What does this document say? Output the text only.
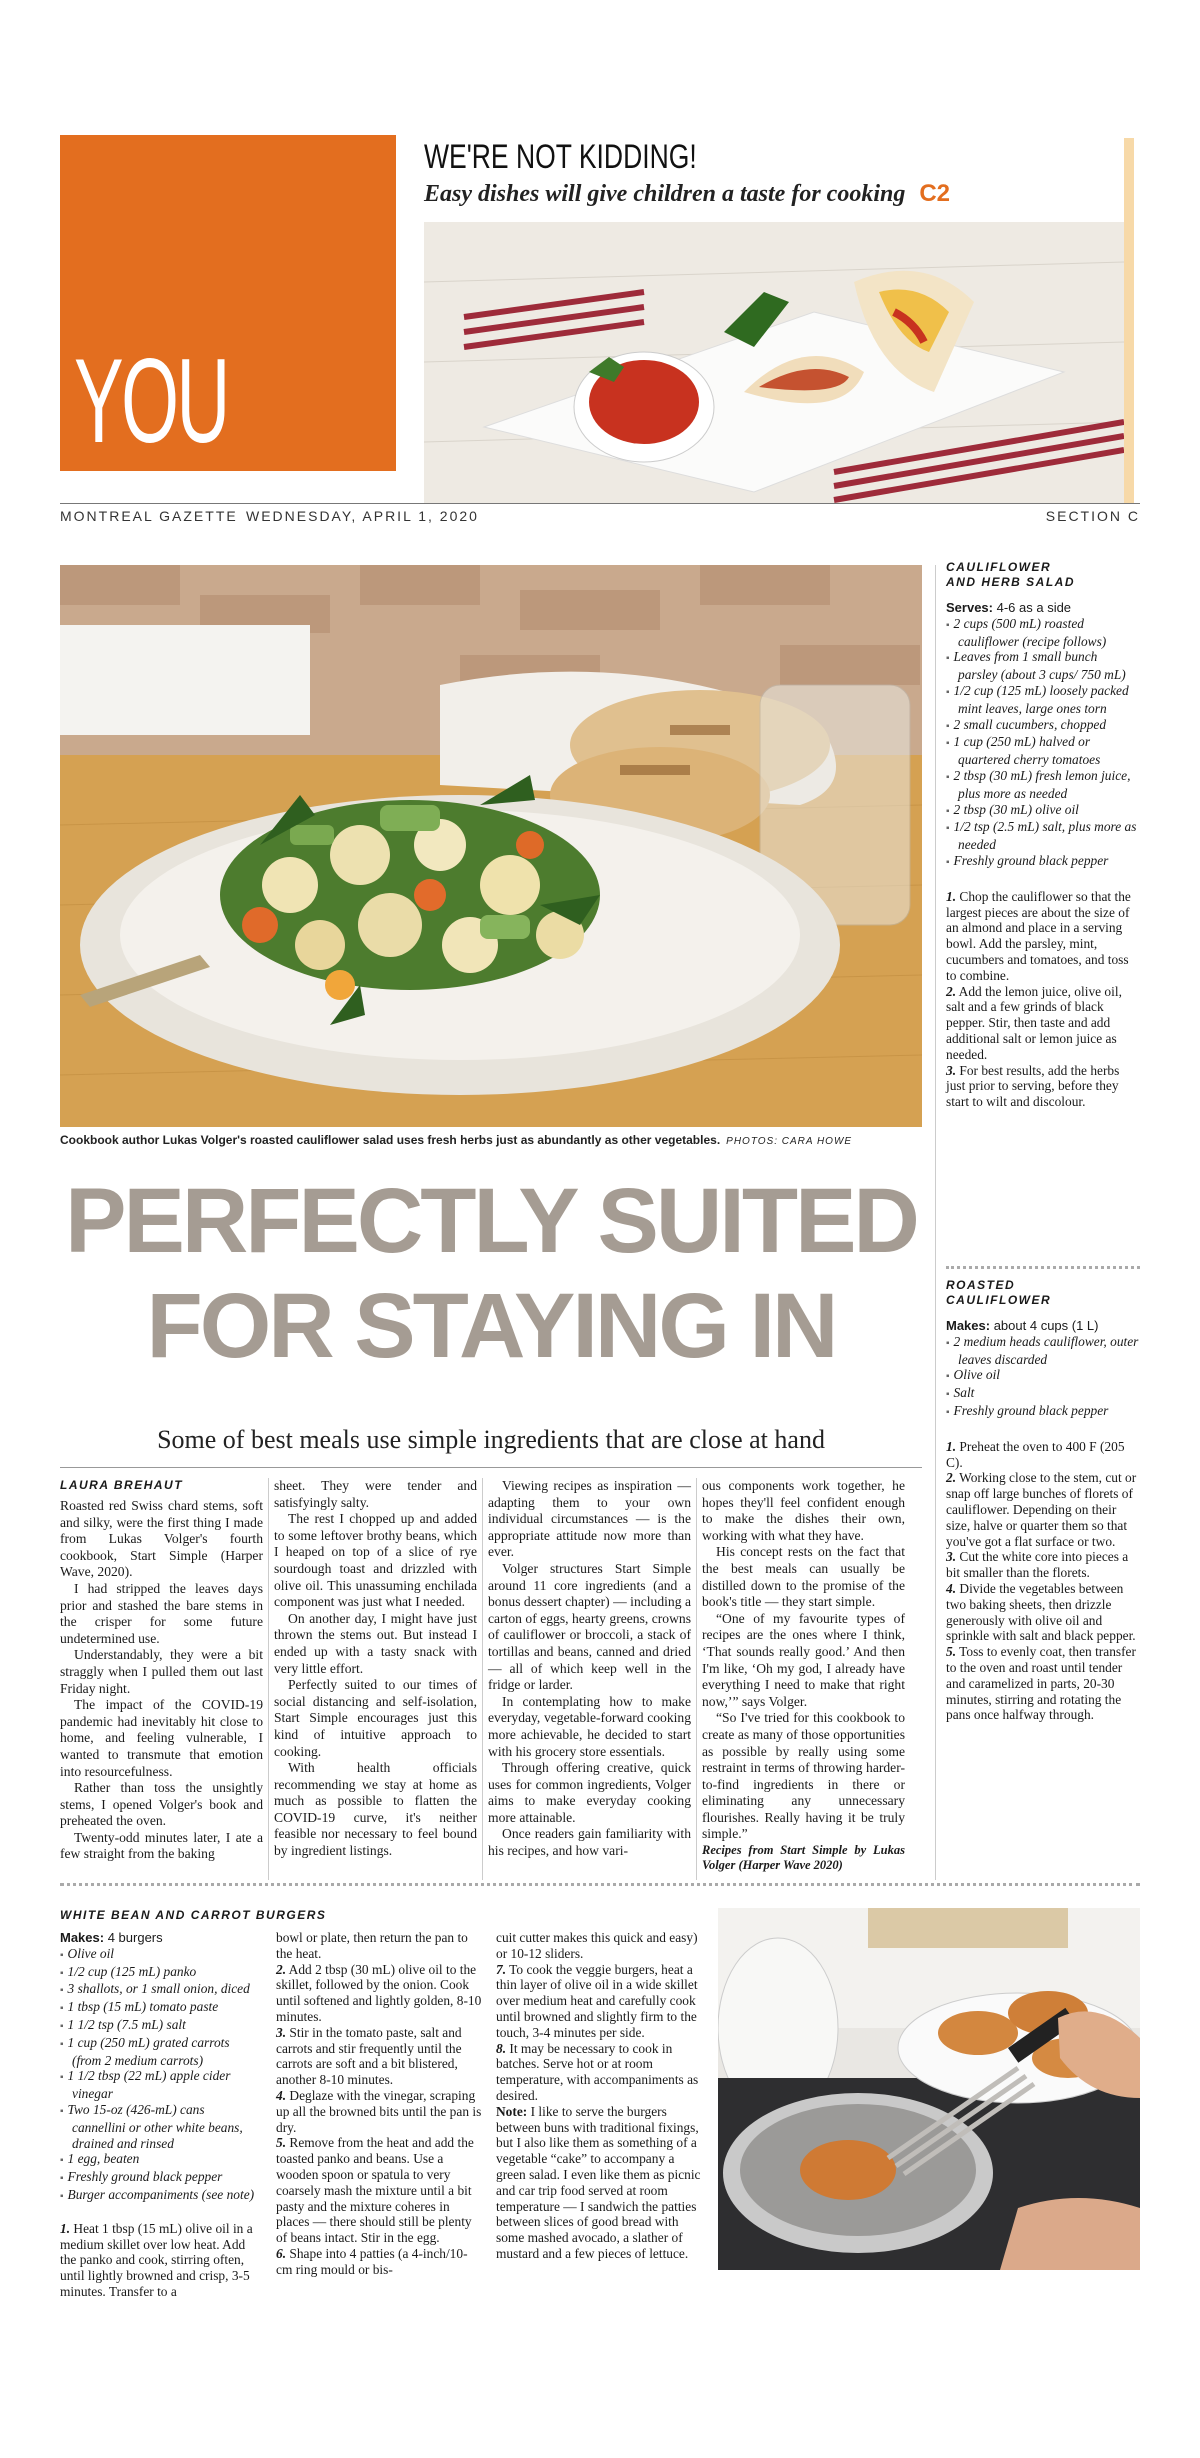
YOU
WE'RE NOT KIDDING!
Easy dishes will give children a taste for cooking C2
MONTREAL GAZETTE WEDNESDAY, APRIL 1, 2020	SECTION C
Cookbook author Lukas Volger's roasted cauliflower salad uses fresh herbs just as abundantly as other vegetables. PHOTOS: CARA HOWE
PERFECTLY SUITED
FOR STAYING IN
Some of best meals use simple ingredients that are close at hand
LAURA BREHAUT

Roasted red Swiss chard stems, soft and silky, were the first thing I made from Lukas Volger's fourth cookbook, Start Simple (Harper Wave, 2020).

I had stripped the leaves days prior and stashed the bare stems in the crisper for some future undetermined use.

Understandably, they were a bit straggly when I pulled them out last Friday night.

The impact of the COVID-19 pandemic had inevitably hit close to home, and feeling vulnerable, I wanted to transmute that emotion into resourcefulness.

Rather than toss the unsightly stems, I opened Volger's book and preheated the oven.

Twenty-odd minutes later, I ate a few straight from the baking

sheet. They were tender and satisfyingly salty.

The rest I chopped up and added to some leftover brothy beans, which I heaped on top of a slice of rye sourdough toast and drizzled with olive oil. This unassuming enchilada component was just what I needed.

On another day, I might have just thrown the stems out. But instead I ended up with a tasty snack with very little effort.

Perfectly suited to our times of social distancing and self-isolation, Start Simple encourages just this kind of intuitive approach to cooking.

With health officials recommending we stay at home as much as possible to flatten the COVID-19 curve, it's neither feasible nor necessary to feel bound by ingredient listings.

Viewing recipes as inspiration — adapting them to your own individual circumstances — is the appropriate attitude now more than ever.

Volger structures Start Simple around 11 core ingredients (and a bonus dessert chapter) — including a carton of eggs, hearty greens, crowns of cauliflower or broccoli, a stack of tortillas and beans, canned and dried — all of which keep well in the fridge or larder.

In contemplating how to make everyday, vegetable-forward cooking more achievable, he decided to start with his grocery store essentials.

Through offering creative, quick uses for common ingredients, Volger aims to make everyday cooking more attainable.

Once readers gain familiarity with his recipes, and how vari-

ous components work together, he hopes they'll feel confident enough to make the dishes their own, working with what they have.

His concept rests on the fact that the best meals can usually be distilled down to the promise of the book's title — they start simple.

“One of my favourite types of recipes are the ones where I think, ‘That sounds really good.’ And then I'm like, ‘Oh my god, I already have everything I need to make that right now,’” says Volger.

“So I've tried for this cookbook to create as many of those opportunities as possible by really using some restraint in terms of throwing harder-to-find ingredients in there or eliminating any unnecessary flourishes. Really having it be truly simple.”

Recipes from Start Simple by Lukas Volger (Harper Wave 2020)
CAULIFLOWER
AND HERB SALAD
Serves: 4-6 as a side
▪ 2 cups (500 mL) roasted cauliflower (recipe follows)
▪ Leaves from 1 small bunch parsley (about 3 cups/ 750 mL)
▪ 1/2 cup (125 mL) loosely packed mint leaves, large ones torn
▪ 2 small cucumbers, chopped
▪ 1 cup (250 mL) halved or quartered cherry tomatoes
▪ 2 tbsp (30 mL) fresh lemon juice, plus more as needed
▪ 2 tbsp (30 mL) olive oil
▪ 1/2 tsp (2.5 mL) salt, plus more as needed
▪ Freshly ground black pepper
1. Chop the cauliflower so that the largest pieces are about the size of an almond and place in a serving bowl. Add the parsley, mint, cucumbers and tomatoes, and toss to combine.
2. Add the lemon juice, olive oil, salt and a few grinds of black pepper. Stir, then taste and add additional salt or lemon juice as needed.
3. For best results, add the herbs just prior to serving, before they start to wilt and discolour.
ROASTED
CAULIFLOWER
Makes: about 4 cups (1 L)
▪ 2 medium heads cauliflower, outer leaves discarded
▪ Olive oil
▪ Salt
▪ Freshly ground black pepper
1. Preheat the oven to 400 F (205 C).
2. Working close to the stem, cut or snap off large bunches of florets of cauliflower. Depending on their size, halve or quarter them so that you've got a flat surface or two.
3. Cut the white core into pieces a bit smaller than the florets.
4. Divide the vegetables between two baking sheets, then drizzle generously with olive oil and sprinkle with salt and black pepper.
5. Toss to evenly coat, then transfer to the oven and roast until tender and caramelized in parts, 20-30 minutes, stirring and rotating the pans once halfway through.
WHITE BEAN AND CARROT BURGERS
Makes: 4 burgers
▪ Olive oil
▪ 1/2 cup (125 mL) panko
▪ 3 shallots, or 1 small onion, diced
▪ 1 tbsp (15 mL) tomato paste
▪ 1 1/2 tsp (7.5 mL) salt
▪ 1 cup (250 mL) grated carrots (from 2 medium carrots)
▪ 1 1/2 tbsp (22 mL) apple cider vinegar
▪ Two 15-oz (426-mL) cans cannellini or other white beans, drained and rinsed
▪ 1 egg, beaten
▪ Freshly ground black pepper
▪ Burger accompaniments (see note)
1. Heat 1 tbsp (15 mL) olive oil in a medium skillet over low heat. Add the panko and cook, stirring often, until lightly browned and crisp, 3-5 minutes. Transfer to a
bowl or plate, then return the pan to the heat.
2. Add 2 tbsp (30 mL) olive oil to the skillet, followed by the onion. Cook until softened and lightly golden, 8-10 minutes.
3. Stir in the tomato paste, salt and carrots and stir frequently until the carrots are soft and a bit blistered, another 8-10 minutes.
4. Deglaze with the vinegar, scraping up all the browned bits until the pan is dry.
5. Remove from the heat and add the toasted panko and beans. Use a wooden spoon or spatula to very coarsely mash the mixture until a bit pasty and the mixture coheres in places — there should still be plenty of beans intact. Stir in the egg.
6. Shape into 4 patties (a 4-inch/10-cm ring mould or bis-
cuit cutter makes this quick and easy) or 10-12 sliders.
7. To cook the veggie burgers, heat a thin layer of olive oil in a wide skillet over medium heat and carefully cook until browned and slightly firm to the touch, 3-4 minutes per side.
8. It may be necessary to cook in batches. Serve hot or at room temperature, with accompaniments as desired.
Note: I like to serve the burgers between buns with traditional fixings, but I also like them as something of a vegetable “cake” to accompany a green salad. I even like them as picnic and car trip food served at room temperature — I sandwich the patties between slices of good bread with some mashed avocado, a slather of mustard and a few pieces of lettuce.
